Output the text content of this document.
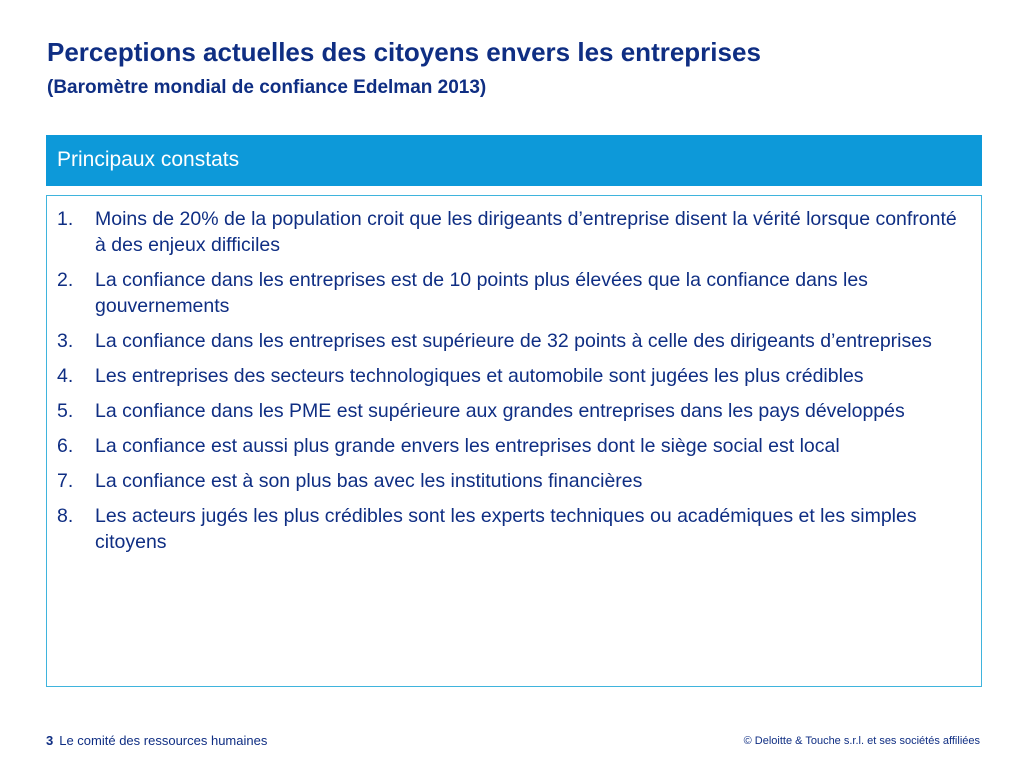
Perceptions actuelles des citoyens envers les entreprises
(Baromètre mondial de confiance Edelman 2013)
Principaux constats
1.	Moins de 20% de la population croit que les dirigeants d’entreprise disent la vérité lorsque confronté à des enjeux difficiles
2.	La confiance dans les entreprises est de 10 points plus élevées que la confiance dans les gouvernements
3.	La confiance dans les entreprises est supérieure de 32 points à celle des dirigeants d’entreprises
4.	Les entreprises des secteurs technologiques et automobile sont jugées les plus crédibles
5.	La confiance dans les PME est supérieure aux grandes entreprises dans les pays développés
6.	La confiance est aussi plus grande envers les entreprises dont le siège social est local
7.	La confiance est à son plus bas avec les institutions financières
8.	Les acteurs jugés les plus crédibles sont les experts techniques ou académiques et les simples citoyens
3 Le comité des ressources humaines	© Deloitte & Touche s.r.l. et ses sociétés affiliées
